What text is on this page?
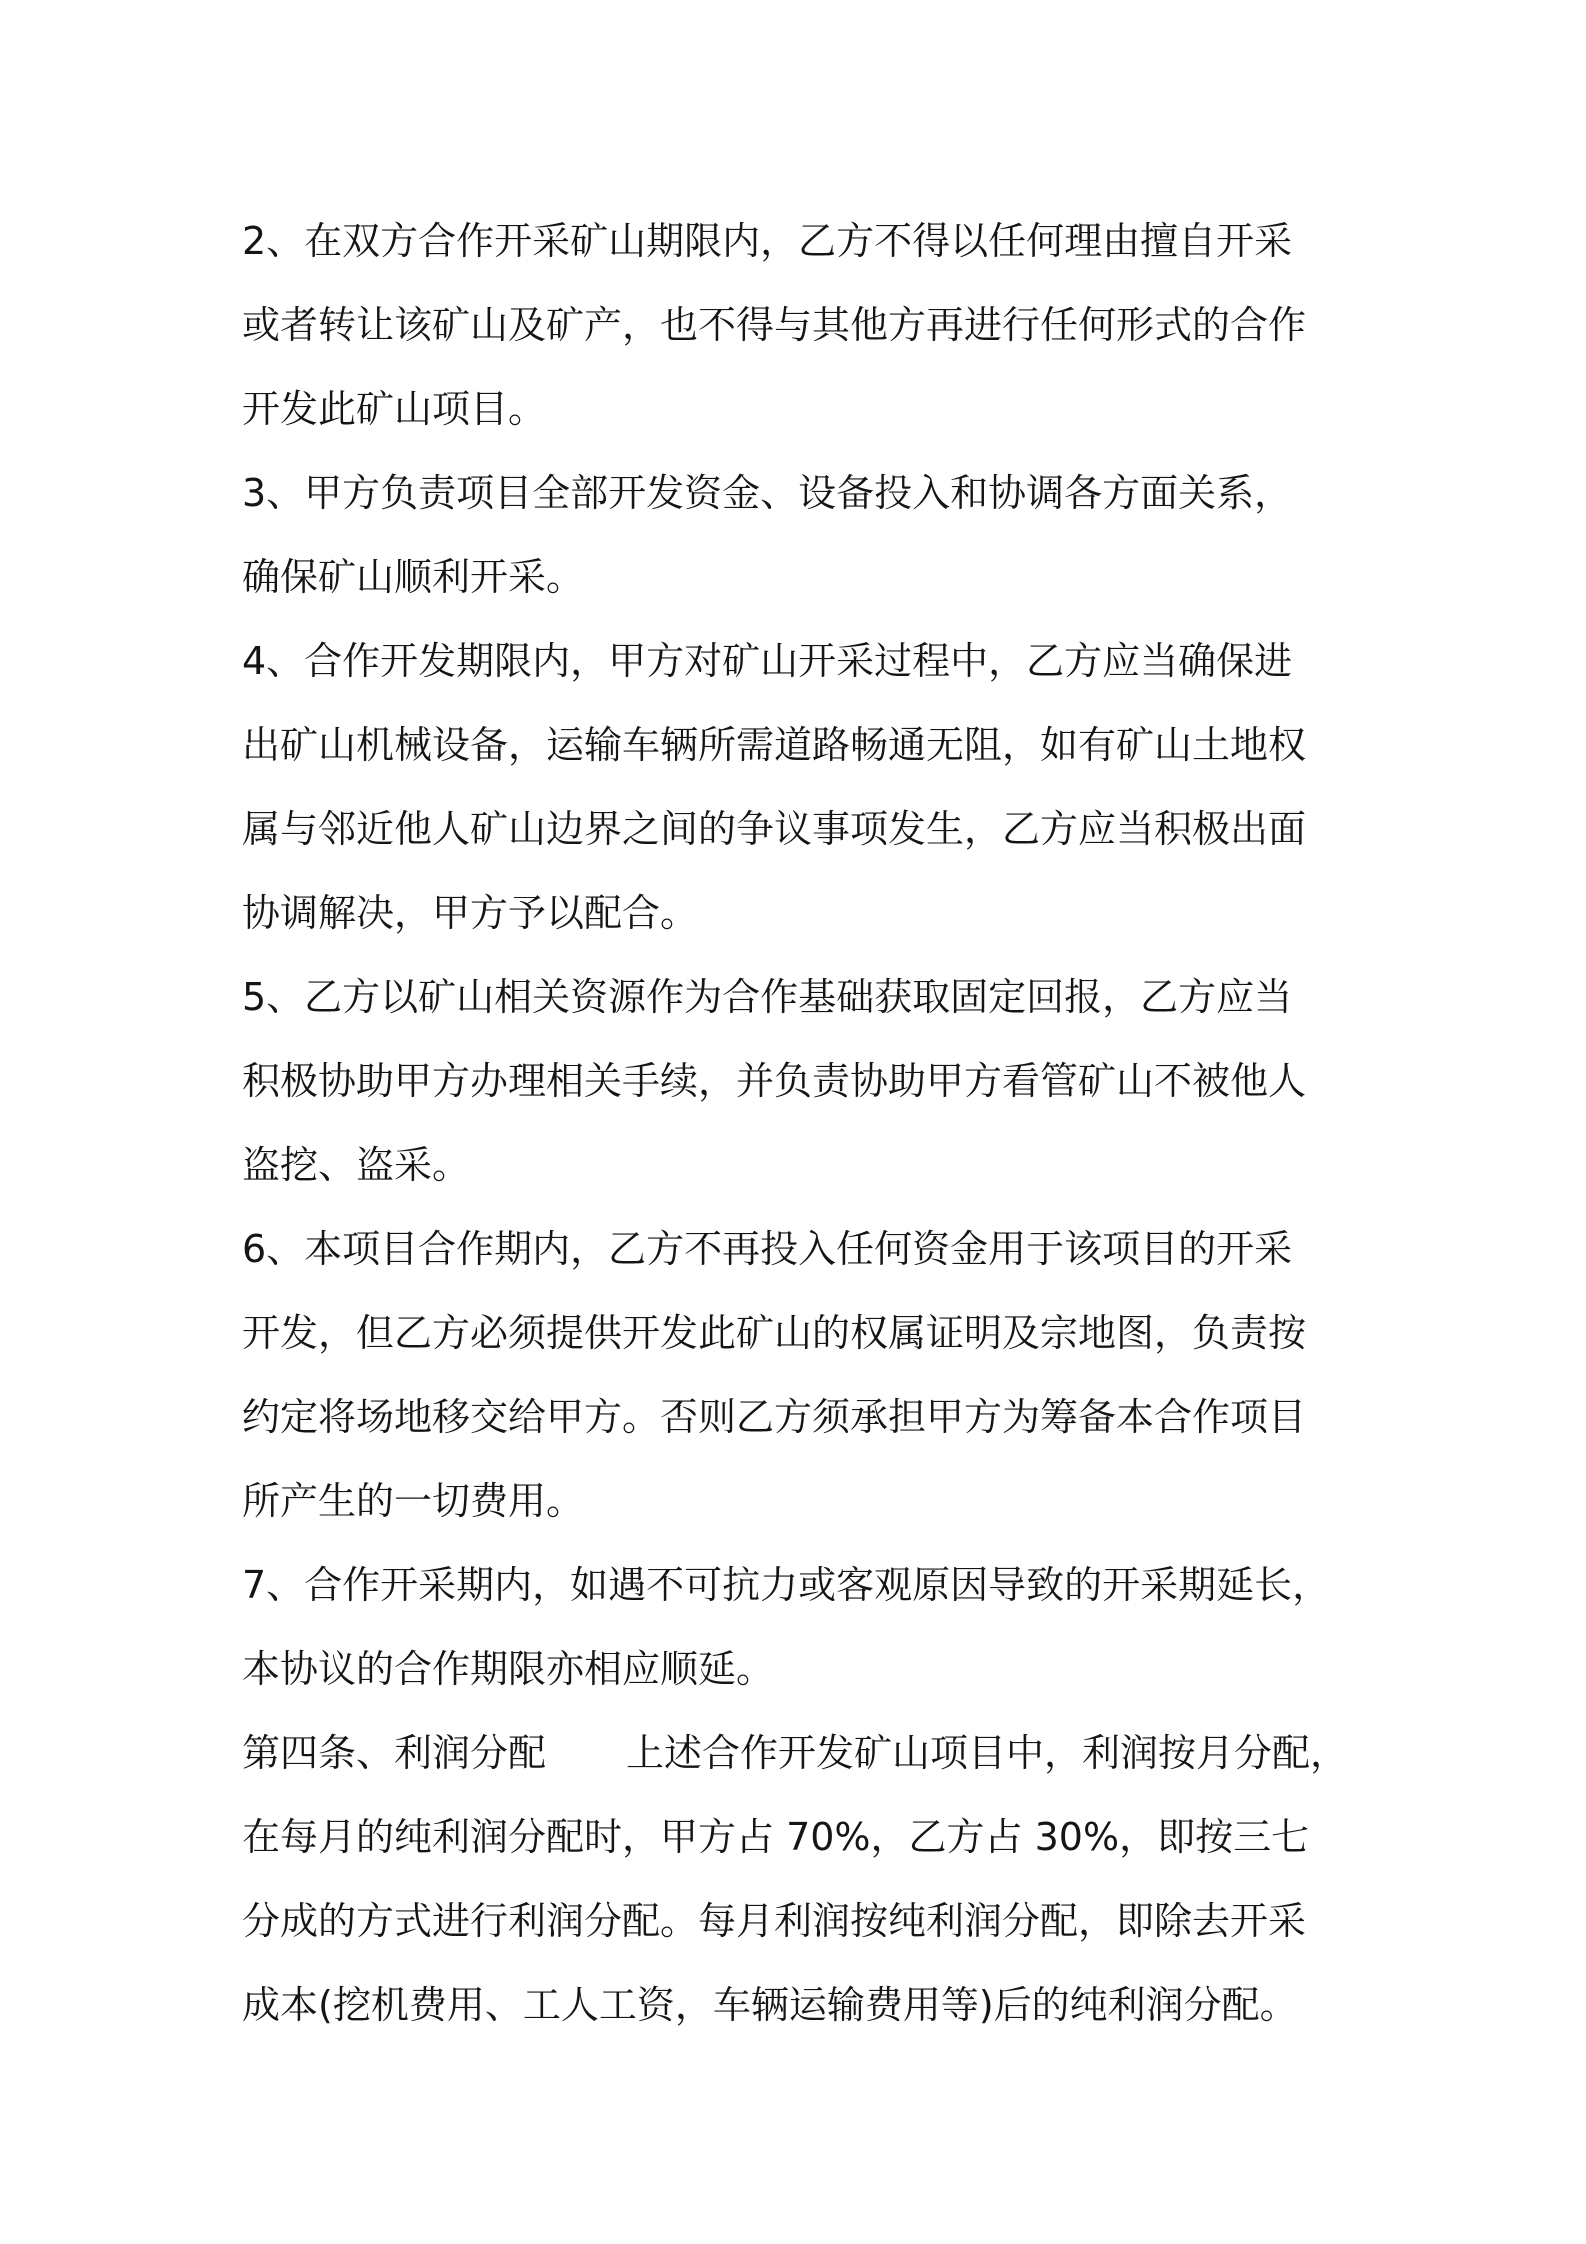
2、在双方合作开采矿山期限内，乙方不得以任何理由擅自开采
或者转让该矿山及矿产，也不得与其他方再进行任何形式的合作
开发此矿山项目。
3、甲方负责项目全部开发资金、设备投入和协调各方面关系，
确保矿山顺利开采。
4、合作开发期限内，甲方对矿山开采过程中，乙方应当确保进
出矿山机械设备，运输车辆所需道路畅通无阻，如有矿山土地权
属与邻近他人矿山边界之间的争议事项发生，乙方应当积极出面
协调解决，甲方予以配合。
5、乙方以矿山相关资源作为合作基础获取固定回报，乙方应当
积极协助甲方办理相关手续，并负责协助甲方看管矿山不被他人
盗挖、盗采。
6、本项目合作期内，乙方不再投入任何资金用于该项目的开采
开发，但乙方必须提供开发此矿山的权属证明及宗地图，负责按
约定将场地移交给甲方。否则乙方须承担甲方为筹备本合作项目
所产生的一切费用。
7、合作开采期内，如遇不可抗力或客观原因导致的开采期延长，
本协议的合作期限亦相应顺延。
第四条、利润分配 上述合作开发矿山项目中，利润按月分配，
在每月的纯利润分配时，甲方占 70%，乙方占 30%，即按三七
分成的方式进行利润分配。每月利润按纯利润分配，即除去开采
成本(挖机费用、工人工资，车辆运输费用等)后的纯利润分配。
